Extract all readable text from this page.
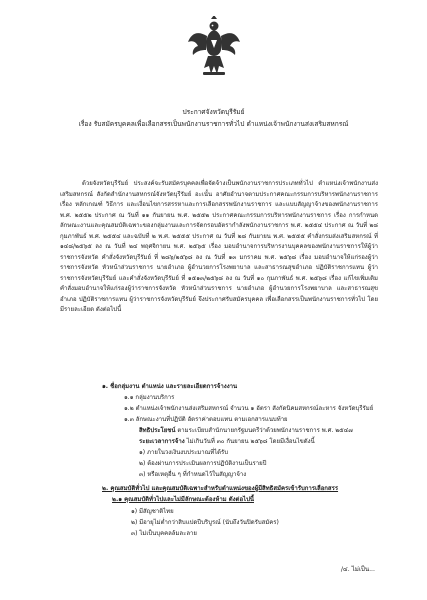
ประกาศจังหวัดบุรีรัมย์
เรื่อง รับสมัครบุคคลเพื่อเลือกสรรเป็นพนักงานราชการทั่วไป ตำแหน่งเจ้าพนักงานส่งเสริมสหกรณ์

ด้วยจังหวัดบุรีรัมย์ ประสงค์จะรับสมัครบุคคลเพื่อจัดจ้างเป็นพนักงานราชการประเภททั่วไป ตำแหน่งเจ้าพนักงานส่งเสริมสหกรณ์ สังกัดสำนักงานสหกรณ์จังหวัดบุรีรัมย์ อะเนั้น อาศัยอำนาจตามประกาศคณะกรรมการบริหารพนักงานราชการ เรื่อง หลักเกณฑ์ วิธีการ และเงื่อนไขการสรรหาและการเลือกสรรพนักงานราชการ และแบบสัญญาจ้างของพนักงานราชการ พ.ศ. ๒๕๕๒ ประกาศ ณ วันที่ ๑๑ กันยายน พ.ศ. ๒๕๕๒ ประกาศคณะกรรมการบริหารพนักงานราชการ เรื่อง การกำหนดลักษณะงานและคุณสมบัติเฉพาะของกลุ่มงานและการจัดกรอบอัตรากำลังพนักงานราชการ พ.ศ. ๒๕๕๔ ประกาศ ณ วันที่ ๒๘ กุมภาพันธ์ พ.ศ. ๒๕๕๔ และฉบับที่ ๒ พ.ศ. ๒๕๕๕ ประกาศ ณ วันที่ ๒๘ กันยายน พ.ศ. ๒๕๕๕ คำสั่งกรมส่งเสริมสหกรณ์ ที่ ๑๔๘/๒๕๖๕ ลง ณ วันที่ ๒๔ พฤศจิกายน พ.ศ. ๒๕๖๕ เรื่อง มอบอำนาจการบริหารงานบุคคลของพนักงานราชการให้ผู้ว่าราชการจังหวัด คำสั่งจังหวัดบุรีรัมย์ ที่ ๒๘๖/๒๕๖๘ ลง ณ วันที่ ๑๓ มกราคม พ.ศ. ๒๕๖๘ เรื่อง มอบอำนาจให้แก่รองผู้ว่าราชการจังหวัด หัวหน้าส่วนราชการ นายอำเภอ ผู้อำนวยการโรงพยาบาล และสาธารณสุขอำเภอ ปฏิบัติราชการแทน ผู้ว่าราชการจังหวัดบุรีรัมย์ และคำสั่งจังหวัดบุรีรัมย์ ที่ ๑๕๑๓/๒๕๖๘ ลง ณ วันที่ ๑๐ กุมภาพันธ์ พ.ศ. ๒๕๖๘ เรื่อง แก้ไขเพิ่มเติมคำสั่งมอบอำนาจให้แก่รองผู้ว่าราชการจังหวัด หัวหน้าส่วนราชการ นายอำเภอ ผู้อำนวยการโรงพยาบาล และสาธารณสุขอำเภอ ปฏิบัติราชการแทน ผู้ว่าราชการจังหวัดบุรีรัมย์ จึงประกาศรับสมัครบุคคล เพื่อเลือกสรรเป็นพนักงานราชการทั่วไป โดยมีรายละเอียด ดังต่อไปนี้

๑. ชื่อกลุ่มงาน ตำแหน่ง และรายละเอียดการจ้างงาน
๑.๑ กลุ่มงานบริการ
๑.๒ ตำแหน่งเจ้าพนักงานส่งเสริมสหกรณ์ จำนวน ๑ อัตรา สังกัดนิคมสหกรณ์ละหาร จังหวัดบุรีรัมย์
๑.๓ ลักษณะงานที่ปฏิบัติ อัตราค่าตอบแทน ตามเอกสารแนบท้าย
สิทธิประโยชน์ ตามระเบียบสำนักนายกรัฐมนตรีว่าด้วยพนักงานราชการ พ.ศ. ๒๕๔๗
ระยะเวลาการจ้าง ไม่เกินวันที่ ๓๐ กันยายน ๒๕๖๘ โดยมีเงื่อนไขดังนี้
๑) ภายในวงเงินงบประมาณที่ได้รับ
๒) ต้องผ่านการประเมินผลการปฏิบัติงานเป็นรายปี
๓) หรือเหตุอื่น ๆ ที่กำหนดไว้ในสัญญาจ้าง
๒. คุณสมบัติทั่วไป และคุณสมบัติเฉพาะสำหรับตำแหน่งของผู้มีสิทธิสมัครเข้ารับการเลือกสรร
๒.๑ คุณสมบัติทั่วไปและไม่มีลักษณะต้องห้าม ดังต่อไปนี้
๑) มีสัญชาติไทย
๒) มีอายุไม่ต่ำกว่าสิบแปดปีบริบูรณ์ (นับถึงวันปิดรับสมัคร)
๓) ไม่เป็นบุคคลล้มละลาย
/๔. ไม่เป็น...
